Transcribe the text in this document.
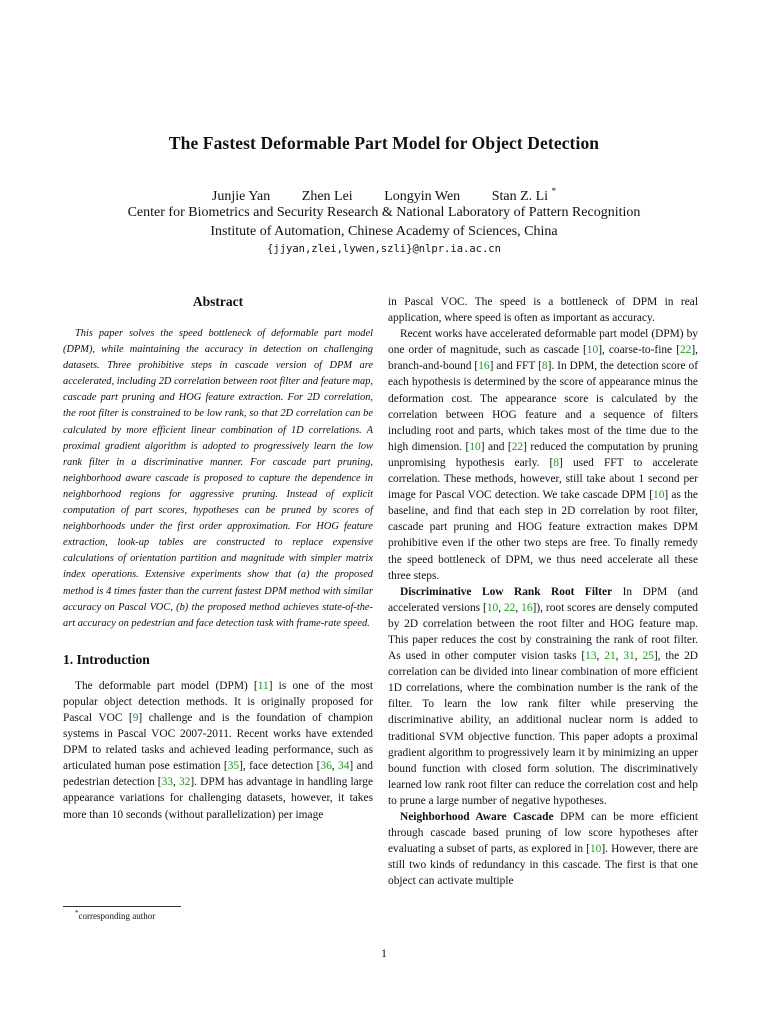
The Fastest Deformable Part Model for Object Detection
Junjie Yan Zhen Lei Longyin Wen Stan Z. Li *
Center for Biometrics and Security Research & National Laboratory of Pattern Recognition
Institute of Automation, Chinese Academy of Sciences, China
{jjyan,zlei,lywen,szli}@nlpr.ia.ac.cn
Abstract

This paper solves the speed bottleneck of deformable part model (DPM), while maintaining the accuracy in detection on challenging datasets. Three prohibitive steps in cascade version of DPM are accelerated, including 2D correlation between root filter and feature map, cascade part pruning and HOG feature extraction. For 2D correlation, the root filter is constrained to be low rank, so that 2D correlation can be calculated by more efficient linear combination of 1D correlations. A proximal gradient algorithm is adopted to progressively learn the low rank filter in a discriminative manner. For cascade part pruning, neighborhood aware cascade is proposed to capture the dependence in neighborhood regions for aggressive pruning. Instead of explicit computation of part scores, hypotheses can be pruned by scores of neighborhoods under the first order approximation. For HOG feature extraction, look-up tables are constructed to replace expensive calculations of orientation partition and magnitude with simpler matrix index operations. Extensive experiments show that (a) the proposed method is 4 times faster than the current fastest DPM method with similar accuracy on Pascal VOC, (b) the proposed method achieves state-of-the-art accuracy on pedestrian and face detection task with frame-rate speed.

1. Introduction

The deformable part model (DPM) [11] is one of the most popular object detection methods. It is originally proposed for Pascal VOC [9] challenge and is the foundation of champion systems in Pascal VOC 2007-2011. Recent works have extended DPM to related tasks and achieved leading performance, such as articulated human pose estimation [35], face detection [36, 34] and pedestrian detection [33, 32]. DPM has advantage in handling large appearance variations for challenging datasets, however, it takes more than 10 seconds (without parallelization) per image

in Pascal VOC. The speed is a bottleneck of DPM in real application, where speed is often as important as accuracy.

Recent works have accelerated deformable part model (DPM) by one order of magnitude, such as cascade [10], coarse-to-fine [22], branch-and-bound [16] and FFT [8]. In DPM, the detection score of each hypothesis is determined by the score of appearance minus the deformation cost. The appearance score is calculated by the correlation between HOG feature and a sequence of filters including root and parts, which takes most of the time due to the high dimension. [10] and [22] reduced the computation by pruning unpromising hypothesis early. [8] used FFT to accelerate correlation. These methods, however, still take about 1 second per image for Pascal VOC detection. We take cascade DPM [10] as the baseline, and find that each step in 2D correlation by root filter, cascade part pruning and HOG feature extraction makes DPM prohibitive even if the other two steps are free. To finally remedy the speed bottleneck of DPM, we thus need accelerate all these three steps.

Discriminative Low Rank Root Filter In DPM (and accelerated versions [10, 22, 16]), root scores are densely computed by 2D correlation between the root filter and HOG feature map. This paper reduces the cost by constraining the rank of root filter. As used in other computer vision tasks [13, 21, 31, 25], the 2D correlation can be divided into linear combination of more efficient 1D correlations, where the combination number is the rank of the filter. To learn the low rank filter while preserving the discriminative ability, an additional nuclear norm is added to traditional SVM objective function. This paper adopts a proximal gradient algorithm to progressively learn it by minimizing an upper bound function with closed form solution. The discriminatively learned low rank root filter can reduce the correlation cost and help to prune a large number of negative hypotheses.

Neighborhood Aware Cascade DPM can be more efficient through cascade based pruning of low score hypotheses after evaluating a subset of parts, as explored in [10]. However, there are still two kinds of redundancy in this cascade. The first is that one object can activate multiple

*corresponding author
1
